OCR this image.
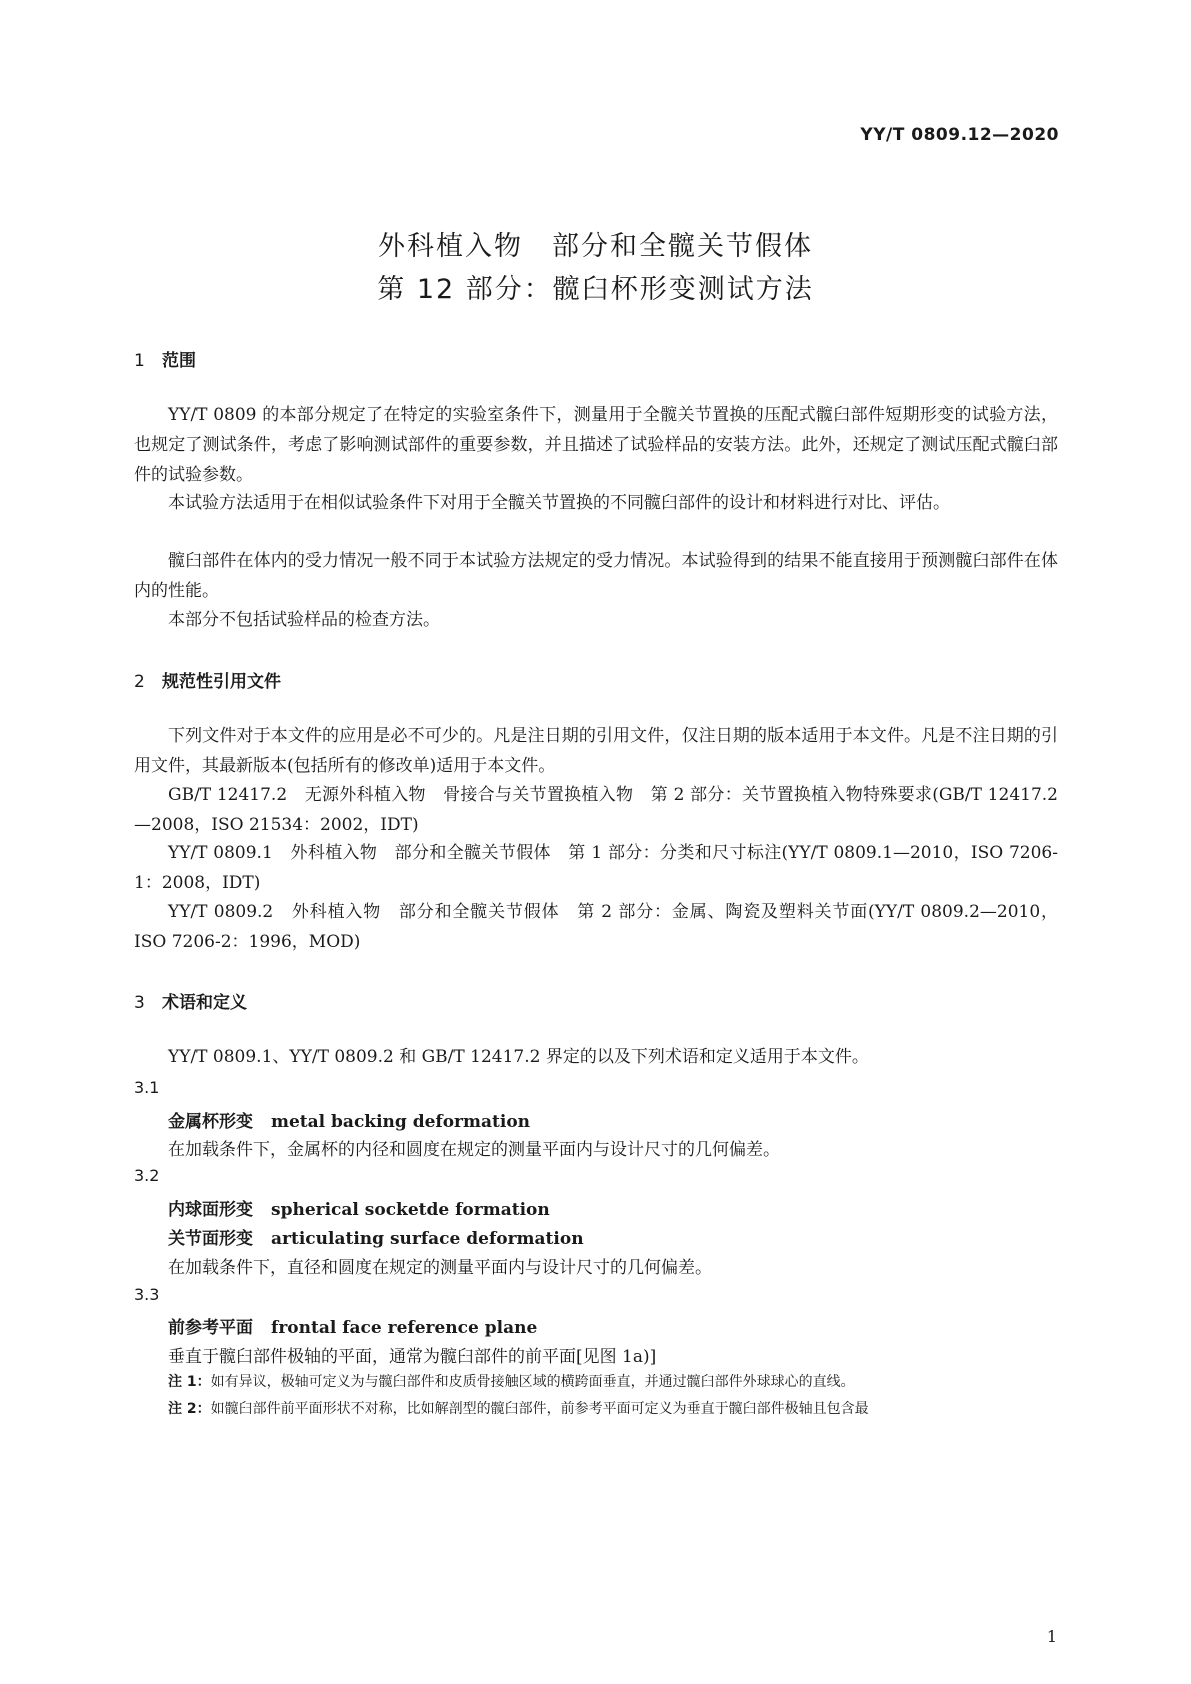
YY/T 0809.12—2020
外科植入物　部分和全髋关节假体
第 12 部分：髋臼杯形变测试方法
1 范围
YY/T 0809 的本部分规定了在特定的实验室条件下，测量用于全髋关节置换的压配式髋臼部件短期形变的试验方法，也规定了测试条件，考虑了影响测试部件的重要参数，并且描述了试验样品的安装方法。此外，还规定了测试压配式髋臼部件的试验参数。
本试验方法适用于在相似试验条件下对用于全髋关节置换的不同髋臼部件的设计和材料进行对比、评估。
髋臼部件在体内的受力情况一般不同于本试验方法规定的受力情况。本试验得到的结果不能直接用于预测髋臼部件在体内的性能。
本部分不包括试验样品的检查方法。
2 规范性引用文件
下列文件对于本文件的应用是必不可少的。凡是注日期的引用文件，仅注日期的版本适用于本文件。凡是不注日期的引用文件，其最新版本(包括所有的修改单)适用于本文件。
GB/T 12417.2　无源外科植入物　骨接合与关节置换植入物　第 2 部分：关节置换植入物特殊要求(GB/T 12417.2—2008，ISO 21534：2002，IDT)
YY/T 0809.1　外科植入物　部分和全髋关节假体　第 1 部分：分类和尺寸标注(YY/T 0809.1—2010，ISO 7206-1：2008，IDT)
YY/T 0809.2　外科植入物　部分和全髋关节假体　第 2 部分：金属、陶瓷及塑料关节面(YY/T 0809.2—2010，ISO 7206-2：1996，MOD)
3 术语和定义
YY/T 0809.1、YY/T 0809.2 和 GB/T 12417.2 界定的以及下列术语和定义适用于本文件。
3.1
金属杯形变 metal backing deformation
在加载条件下，金属杯的内径和圆度在规定的测量平面内与设计尺寸的几何偏差。
3.2
内球面形变 spherical socketde formation
关节面形变 articulating surface deformation
在加载条件下，直径和圆度在规定的测量平面内与设计尺寸的几何偏差。
3.3
前参考平面 frontal face reference plane
垂直于髋臼部件极轴的平面，通常为髋臼部件的前平面[见图 1a)]
注 1：如有异议，极轴可定义为与髋臼部件和皮质骨接触区域的横跨面垂直，并通过髋臼部件外球球心的直线。
注 2：如髋臼部件前平面形状不对称，比如解剖型的髋臼部件，前参考平面可定义为垂直于髋臼部件极轴且包含最
1
